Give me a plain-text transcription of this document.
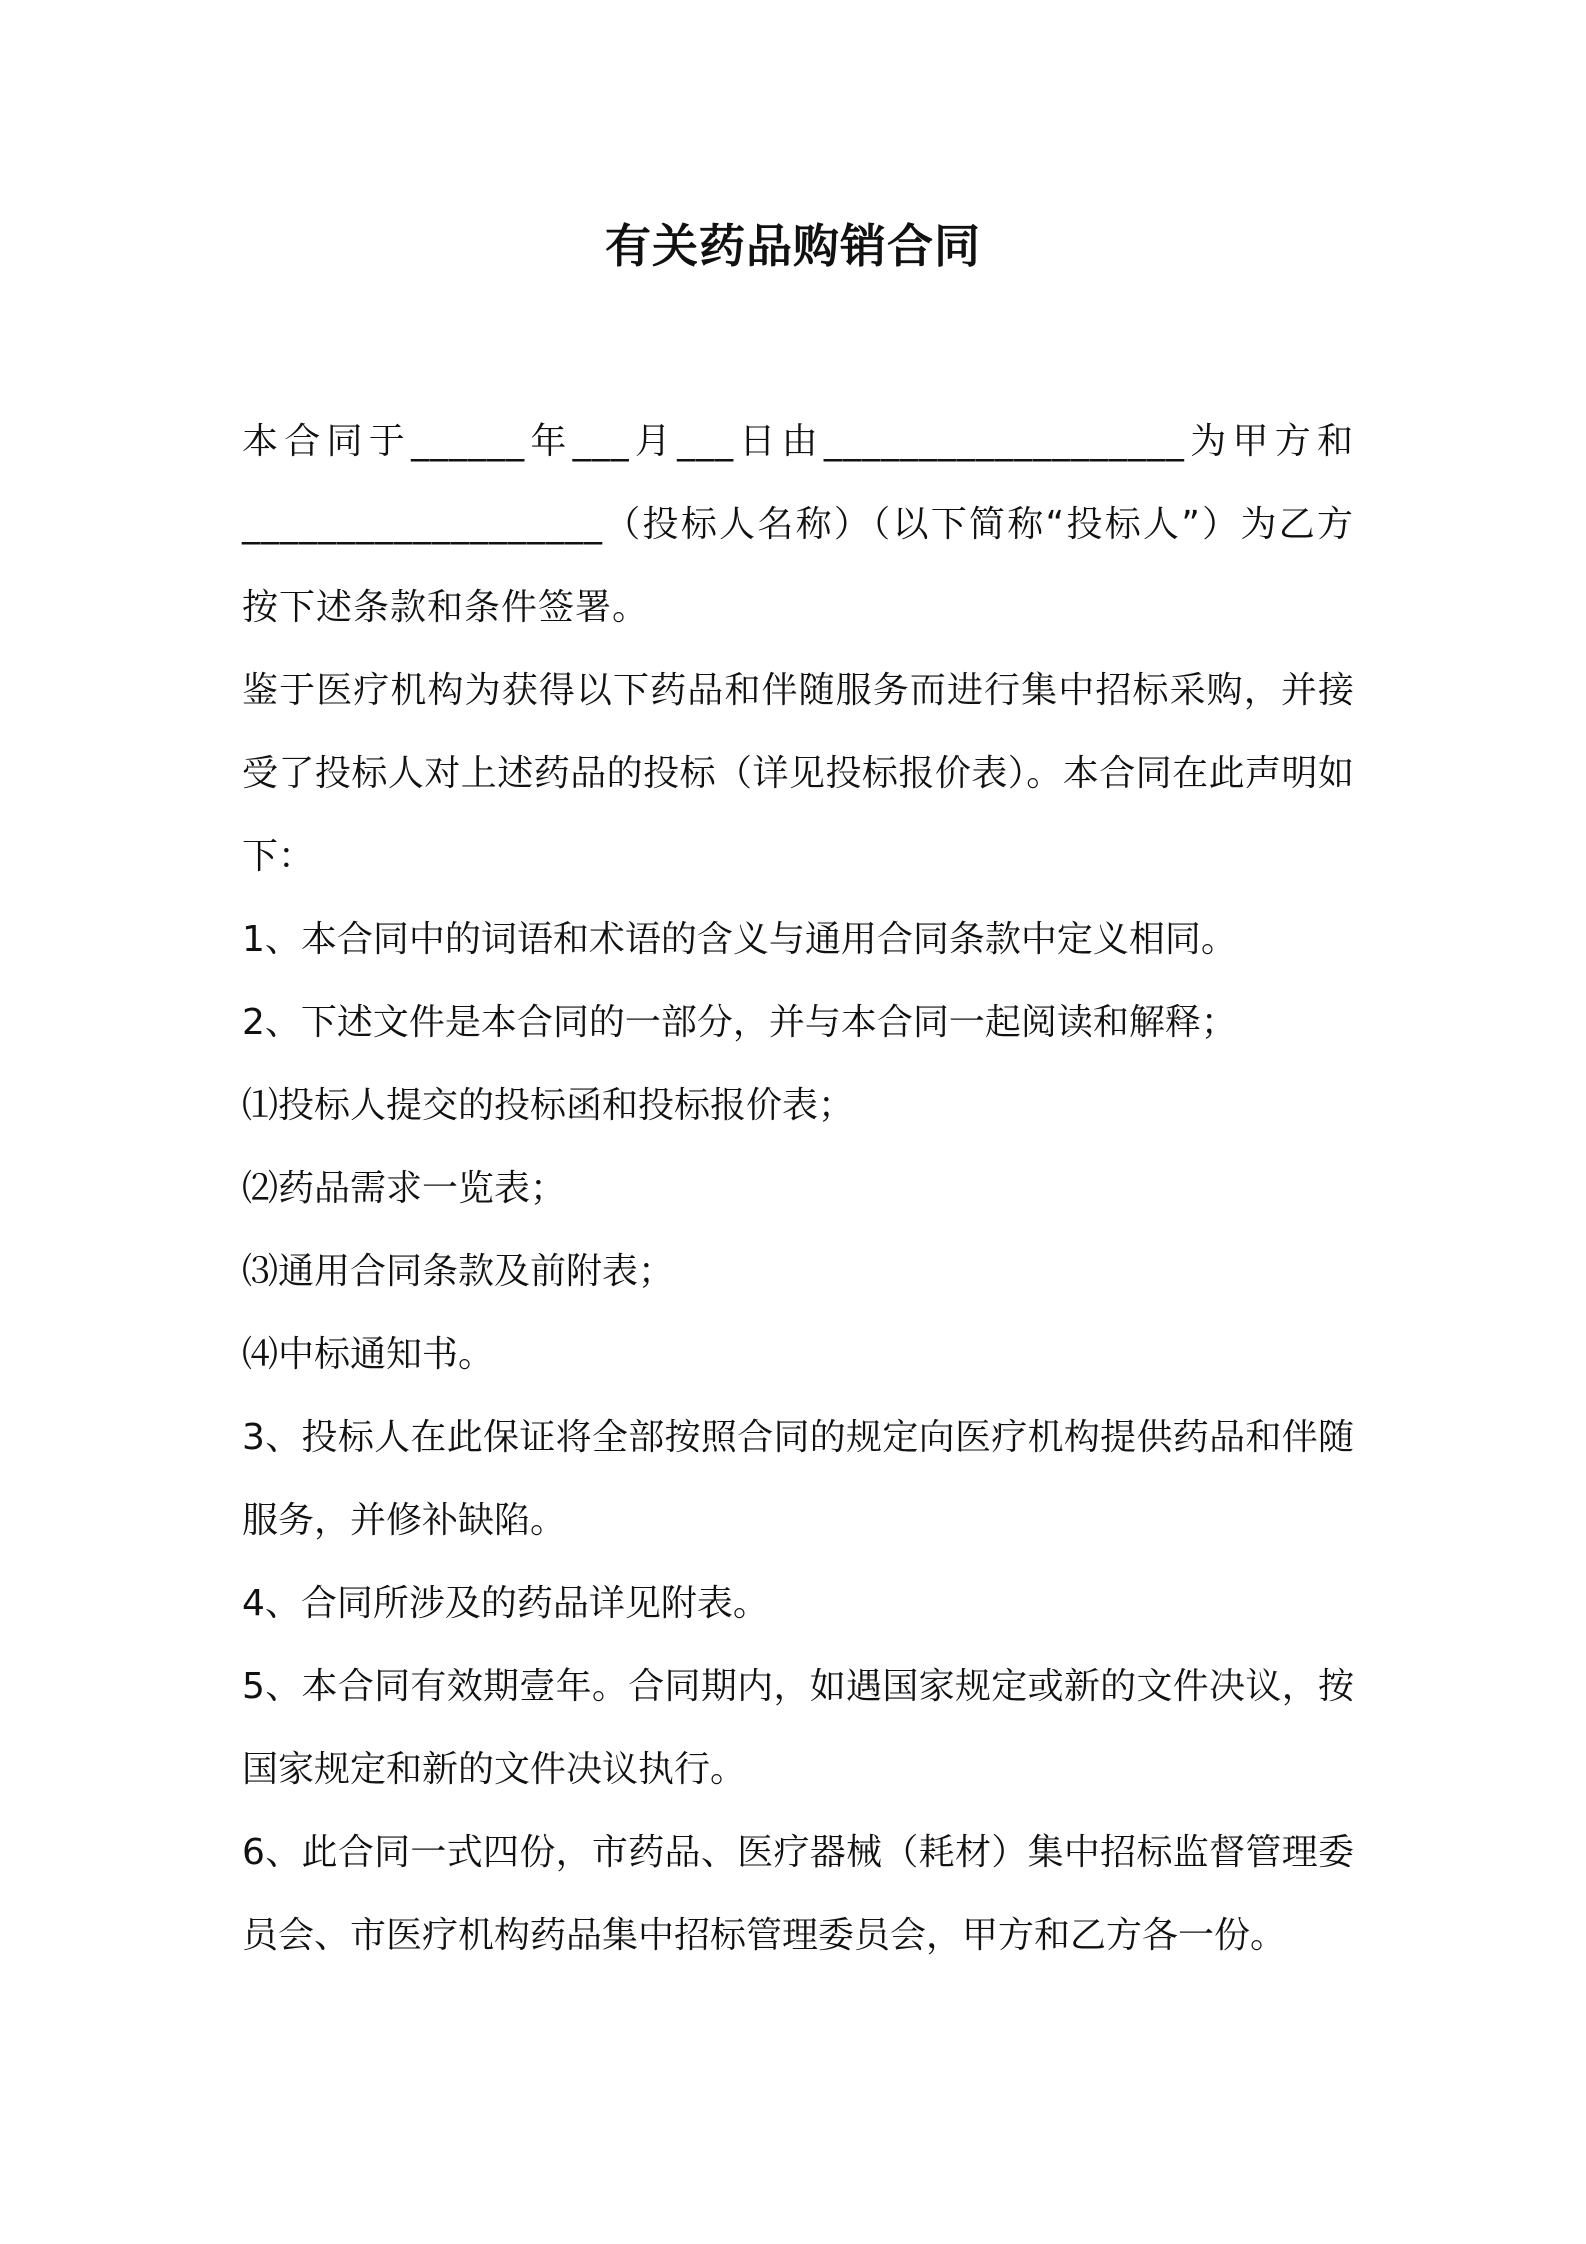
有关药品购销合同

本合同于______年___月___日由___________________为甲方和___________________（投标人名称）（以下简称“投标人”）为乙方按下述条款和条件签署。

鉴于医疗机构为获得以下药品和伴随服务而进行集中招标采购，并接受了投标人对上述药品的投标（详见投标报价表）。本合同在此声明如下：

1、本合同中的词语和术语的含义与通用合同条款中定义相同。

2、下述文件是本合同的一部分，并与本合同一起阅读和解释；

⑴投标人提交的投标函和投标报价表；

⑵药品需求一览表；

⑶通用合同条款及前附表；

⑷中标通知书。

3、投标人在此保证将全部按照合同的规定向医疗机构提供药品和伴随服务，并修补缺陷。

4、合同所涉及的药品详见附表。

5、本合同有效期壹年。合同期内，如遇国家规定或新的文件决议，按国家规定和新的文件决议执行。

6、此合同一式四份，市药品、医疗器械（耗材）集中招标监督管理委员会、市医疗机构药品集中招标管理委员会，甲方和乙方各一份。
